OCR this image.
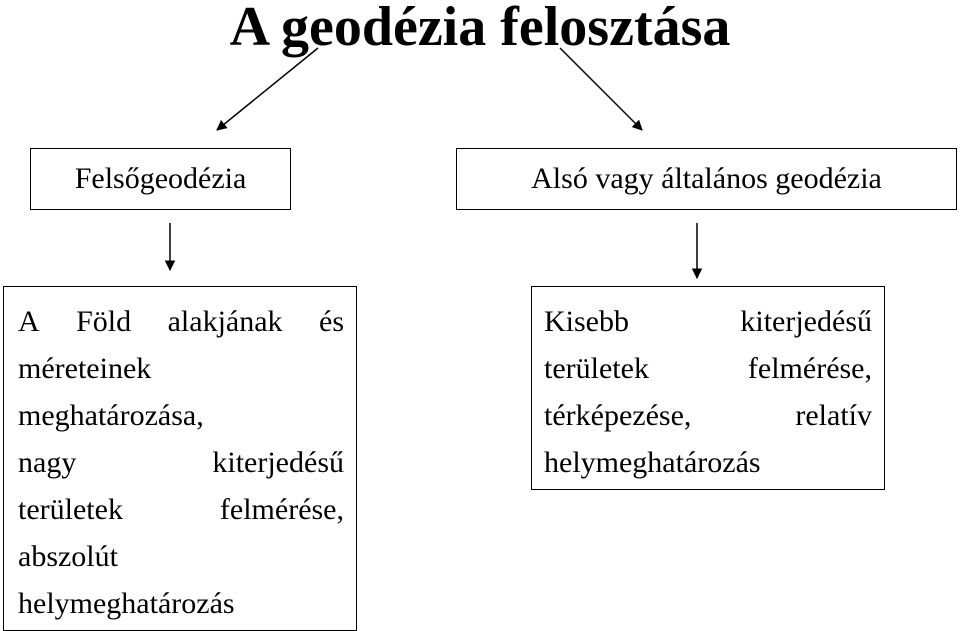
A geodézia felosztása
Felsőgeodézia	Alsó vagy általános geodézia
A Föld alakjának és
méreteinek
meghatározása,
nagy	kiterjedésű
területek	felmérése,
abszolút
helymeghatározás
Kisebb	kiterjedésű
területek	felmérése,
térképezése,	relatív
helymeghatározás
